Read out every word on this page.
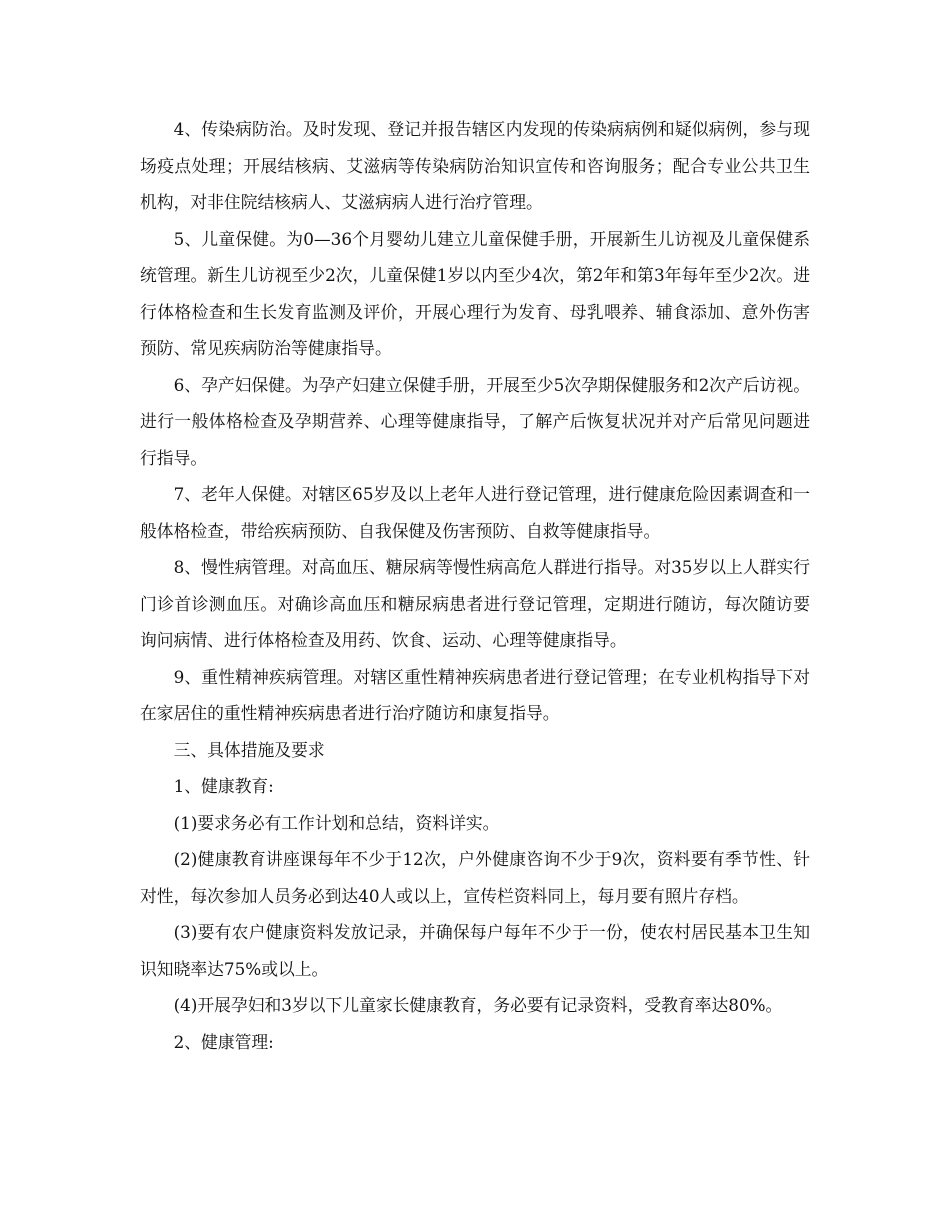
4、传染病防治。及时发现、登记并报告辖区内发现的传染病病例和疑似病例，参与现场疫点处理；开展结核病、艾滋病等传染病防治知识宣传和咨询服务；配合专业公共卫生机构，对非住院结核病人、艾滋病病人进行治疗管理。

5、儿童保健。为0—36个月婴幼儿建立儿童保健手册，开展新生儿访视及儿童保健系统管理。新生儿访视至少2次，儿童保健1岁以内至少4次，第2年和第3年每年至少2次。进行体格检查和生长发育监测及评价，开展心理行为发育、母乳喂养、辅食添加、意外伤害预防、常见疾病防治等健康指导。

6、孕产妇保健。为孕产妇建立保健手册，开展至少5次孕期保健服务和2次产后访视。进行一般体格检查及孕期营养、心理等健康指导，了解产后恢复状况并对产后常见问题进行指导。

7、老年人保健。对辖区65岁及以上老年人进行登记管理，进行健康危险因素调查和一般体格检查，带给疾病预防、自我保健及伤害预防、自救等健康指导。

8、慢性病管理。对高血压、糖尿病等慢性病高危人群进行指导。对35岁以上人群实行门诊首诊测血压。对确诊高血压和糖尿病患者进行登记管理，定期进行随访，每次随访要询问病情、进行体格检查及用药、饮食、运动、心理等健康指导。

9、重性精神疾病管理。对辖区重性精神疾病患者进行登记管理；在专业机构指导下对在家居住的重性精神疾病患者进行治疗随访和康复指导。

三、具体措施及要求

1、健康教育:

(1)要求务必有工作计划和总结，资料详实。

(2)健康教育讲座课每年不少于12次，户外健康咨询不少于9次，资料要有季节性、针对性，每次参加人员务必到达40人或以上，宣传栏资料同上，每月要有照片存档。

(3)要有农户健康资料发放记录，并确保每户每年不少于一份，使农村居民基本卫生知识知晓率达75%或以上。

(4)开展孕妇和3岁以下儿童家长健康教育，务必要有记录资料，受教育率达80%。

2、健康管理:
